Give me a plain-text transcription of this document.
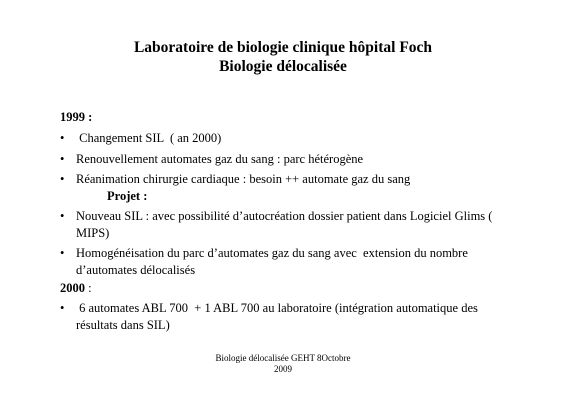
Laboratoire de biologie clinique hôpital Foch
Biologie délocalisée
1999 :
• Changement SIL  ( an 2000)
• Renouvellement automates gaz du sang : parc hétérogène
• Réanimation chirurgie cardiaque : besoin ++ automate gaz du sang
Projet :
• Nouveau SIL : avec possibilité d’autocréation dossier patient dans Logiciel Glims ( MIPS)
• Homogénéisation du parc d’automates gaz du sang avec  extension du nombre d’automates délocalisés
2000 :
• 6 automates ABL 700  + 1 ABL 700 au laboratoire (intégration automatique des résultats dans SIL)
Biologie délocalisée GEHT 8Octobre
2009
